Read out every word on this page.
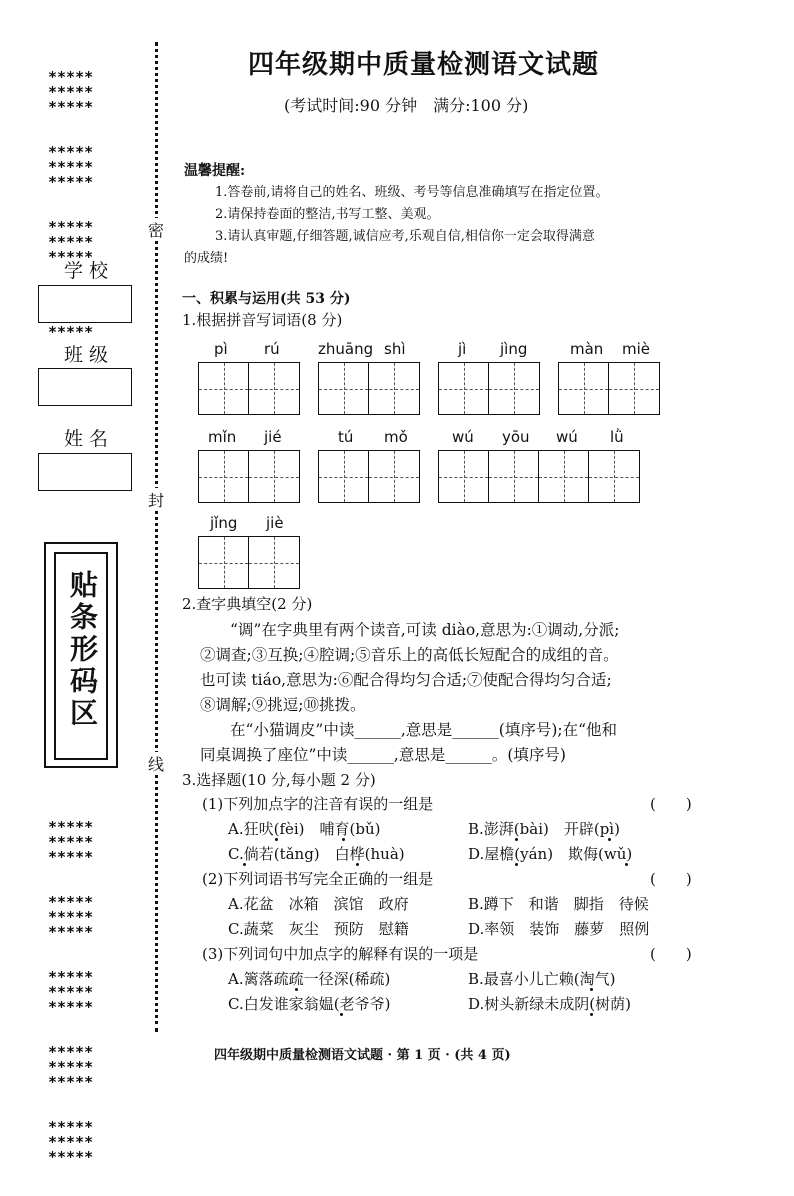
*****
*****
*****

*****
*****
*****

*****
*****
*****

*****

学校
班级
姓名
贴条形码区

*****
*****
*****

*****
*****
*****

*****
*****
*****

*****
*****
*****

*****
*****
*****

密
封
线
四年级期中质量检测语文试题
(考试时间:90 分钟　满分:100 分)
温馨提醒:
1.答卷前,请将自己的姓名、班级、考号等信息准确填写在指定位置。
2.请保持卷面的整洁,书写工整、美观。
3.请认真审题,仔细答题,诚信应考,乐观自信,相信你一定会取得满意
的成绩!
一、积累与运用(共 53 分)
1.根据拼音写词语(8 分)
pì rú	zhuāng shì	jì jìng	màn miè
mǐn jié	tú mǒ	wú yōu wú lǜ
jǐng jiè
2.查字典填空(2 分)
“调”在字典里有两个读音,可读 diào,意思为:①调动,分派;
②调查;③互换;④腔调;⑤音乐上的高低长短配合的成组的音。
也可读 tiáo,意思为:⑥配合得均匀合适;⑦使配合得均匀合适;
⑧调解;⑨挑逗;⑩挑拨。
在“小猫调皮”中读______,意思是______(填序号);在“他和
同桌调换了座位”中读______,意思是______。(填序号)
3.选择题(10 分,每小题 2 分)
(1)下列加点字的注音有误的一组是	(　　)
A.狂吠(fèi)　哺育(bǔ)	B.澎湃(bài)　开辟(pì)
C.倘若(tǎng)　白桦(huà)	D.屋檐(yán)　欺侮(wǔ)
(2)下列词语书写完全正确的一组是	(　　)
A.花盆　冰箱　滨馆　政府	B.蹲下　和谐　脚指　待候
C.蔬菜　灰尘　预防　慰籍	D.率领　装饰　藤萝　照例
(3)下列词句中加点字的解释有误的一项是	(　　)
A.篱落疏疏一径深(稀疏)	B.最喜小儿亡赖(淘气)
C.白发谁家翁媪(老爷爷)	D.树头新绿未成阴(树荫)
四年级期中质量检测语文试题 · 第 1 页 · (共 4 页)
